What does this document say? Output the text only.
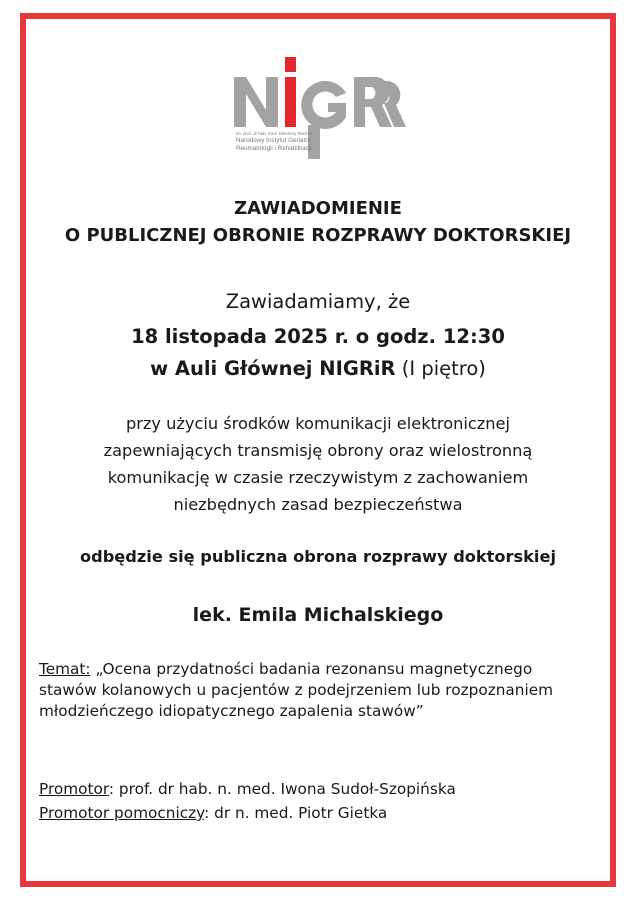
im. prof. dr hab. med. Eleonory Reicher
Narodowy Instytut Geriatrii
Reumatologii i Rehabilitacji
ZAWIADOMIENIE
O PUBLICZNEJ OBRONIE ROZPRAWY DOKTORSKIEJ
Zawiadamiamy, że
18 listopada 2025 r. o godz. 12:30
w Auli Głównej NIGRiR (I piętro)
przy użyciu środków komunikacji elektronicznej
zapewniających transmisję obrony oraz wielostronną
komunikację w czasie rzeczywistym z zachowaniem
niezbędnych zasad bezpieczeństwa
odbędzie się publiczna obrona rozprawy doktorskiej
lek. Emila Michalskiego
Temat: „Ocena przydatności badania rezonansu magnetycznego
stawów kolanowych u pacjentów z podejrzeniem lub rozpoznaniem
młodzieńczego idiopatycznego zapalenia stawów”
Promotor: prof. dr hab. n. med. Iwona Sudoł-Szopińska
Promotor pomocniczy: dr n. med. Piotr Gietka
